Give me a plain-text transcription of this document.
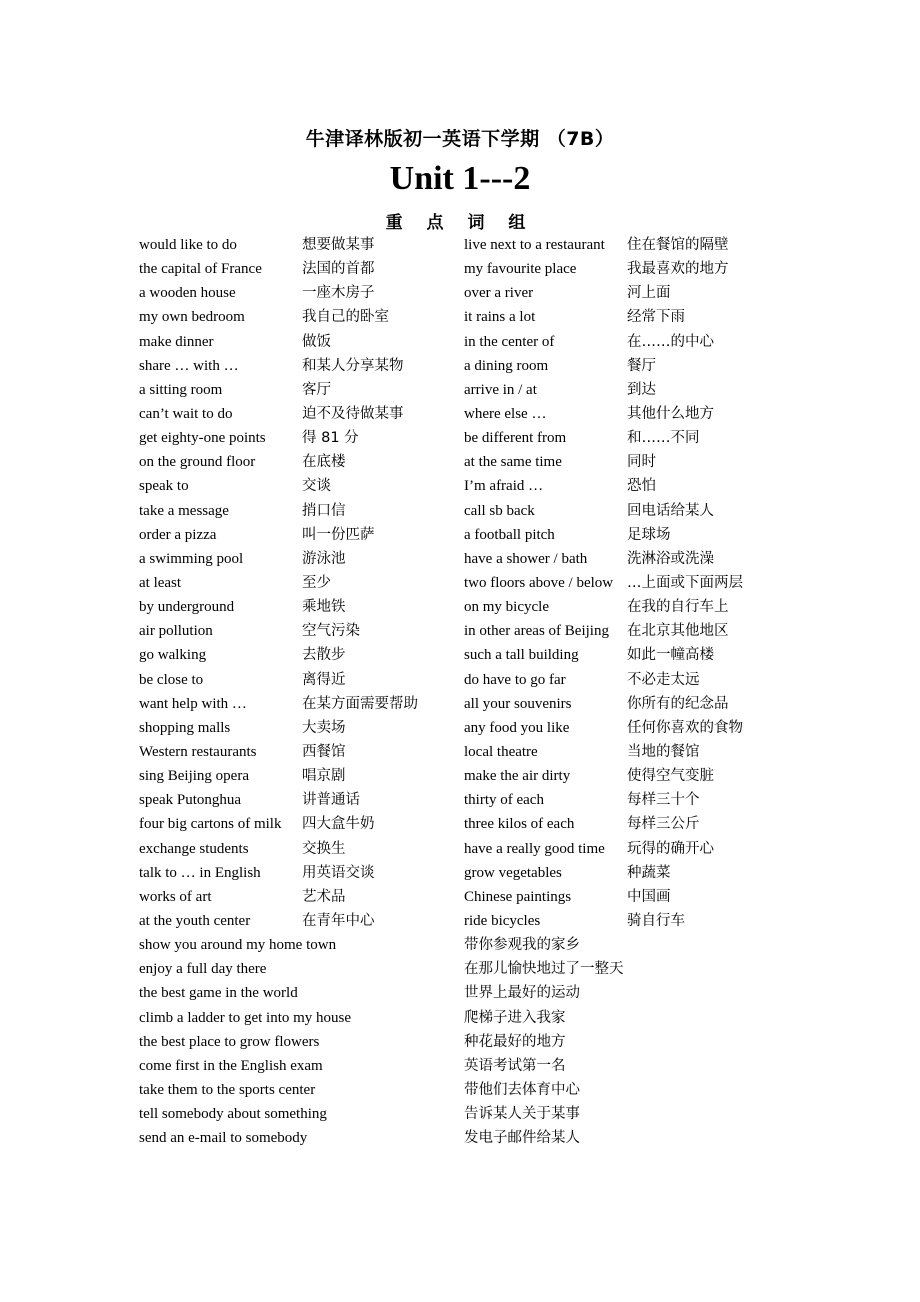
牛津译林版初一英语下学期 （7B）
Unit 1---2
重 点 词 组
would like to do	想要做某事	live next to a restaurant 住在餐馆的隔壁
the capital of France	法国的首都	my favourite place	我最喜欢的地方
a wooden house	一座木房子	over a river	河上面
my own bedroom	我自己的卧室	it rains a lot	经常下雨
make dinner	做饭	in the center of	在……的中心
share … with …	和某人分享某物	a dining room	餐厅
a sitting room	客厅	arrive in / at	到达
can’t wait to do	迫不及待做某事	where else …	其他什么地方
get eighty-one points	得 81 分	be different from	和……不同
on the ground floor	在底楼	at the same time	同时
speak to	交谈	I’m afraid …	恐怕
take a message	捎口信	call sb back	回电话给某人
order a pizza	叫一份匹萨	a football pitch	足球场
a swimming pool	游泳池	have a shower / bath	洗淋浴或洗澡
at least	至少	two floors above / below …上面或下面两层
by underground	乘地铁	on my bicycle	在我的自行车上
air pollution	空气污染	in other areas of Beijing 在北京其他地区
go walking	去散步	such a tall building	如此一幢高楼
be close to	离得近	do have to go far	不必走太远
want help with …	在某方面需要帮助	all your souvenirs	你所有的纪念品
shopping malls	大卖场	any food you like	任何你喜欢的食物
Western restaurants	西餐馆	local theatre	当地的餐馆
sing Beijing opera	唱京剧	make the air dirty	使得空气变脏
speak Putonghua	讲普通话	thirty of each	每样三十个
four big cartons of milk 四大盒牛奶	three kilos of each	每样三公斤
exchange students	交换生	have a really good time 玩得的确开心
talk to … in English	用英语交谈	grow vegetables	种蔬菜
works of art	艺术品	Chinese paintings	中国画
at the youth center	在青年中心	ride bicycles	骑自行车
show you around my home town	带你参观我的家乡
enjoy a full day there	在那儿愉快地过了一整天
the best game in the world	世界上最好的运动
climb a ladder to get into my house	爬梯子进入我家
the best place to grow flowers	种花最好的地方
come first in the English exam	英语考试第一名
take them to the sports center	带他们去体育中心
tell somebody about something	告诉某人关于某事
send an e-mail to somebody	发电子邮件给某人
